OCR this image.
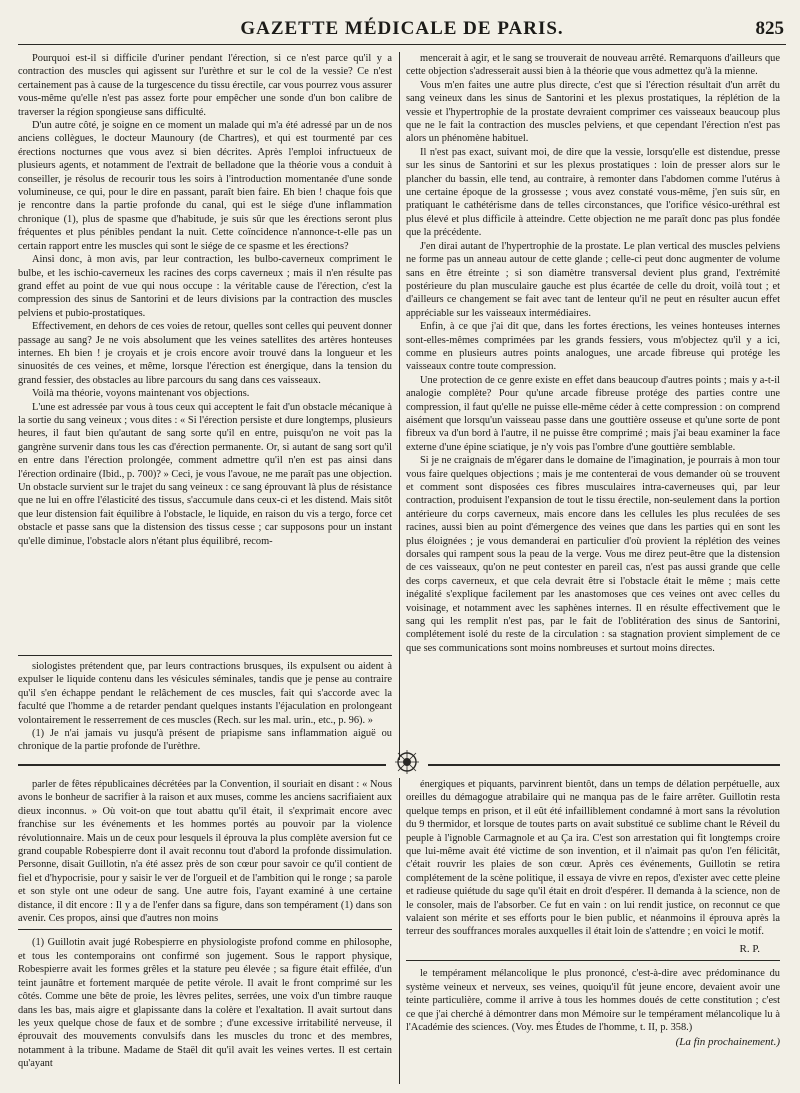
GAZETTE MÉDICALE DE PARIS.	825

Pourquoi est-il si difficile d'uriner pendant l'érection, si ce n'est parce qu'il y a contraction des muscles qui agissent sur l'urèthre et sur le col de la vessie? Ce n'est certainement pas à cause de la turgescence du tissu érectile, car vous pourrez vous assurer vous-même qu'elle n'est pas assez forte pour empêcher une sonde d'un bon calibre de traverser la région spongieuse sans difficulté.

D'un autre côté, je soigne en ce moment un malade qui m'a été adressé par un de nos anciens collègues, le docteur Maunoury (de Chartres), et qui est tourmenté par ces érections nocturnes que vous avez si bien décrites. Après l'emploi infructueux de plusieurs agents, et notamment de l'extrait de belladone que la théorie vous a conduit à conseiller, je résolus de recourir tous les soirs à l'introduction momentanée d'une sonde volumineuse, ce qui, pour le dire en passant, paraît bien faire. Eh bien ! chaque fois que je rencontre dans la partie profonde du canal, qui est le siége d'une inflammation chronique (1), plus de spasme que d'habitude, je suis sûr que les érections seront plus fréquentes et plus pénibles pendant la nuit. Cette coïncidence n'annonce-t-elle pas un certain rapport entre les muscles qui sont le siége de ce spasme et les érections?

Ainsi donc, à mon avis, par leur contraction, les bulbo-caverneux compriment le bulbe, et les ischio-caverneux les racines des corps caverneux ; mais il n'en résulte pas grand effet au point de vue qui nous occupe : la véritable cause de l'érection, c'est la compression des sinus de Santorini et de leurs divisions par la contraction des muscles pelviens et pubio-prostatiques.

Effectivement, en dehors de ces voies de retour, quelles sont celles qui peuvent donner passage au sang? Je ne vois absolument que les veines satellites des artères honteuses internes. Eh bien ! je croyais et je crois encore avoir trouvé dans la longueur et les sinuosités de ces veines, et même, lorsque l'érection est énergique, dans la tension du grand fessier, des obstacles au libre parcours du sang dans ces vaisseaux.

Voilà ma théorie, voyons maintenant vos objections.

L'une est adressée par vous à tous ceux qui acceptent le fait d'un obstacle mécanique à la sortie du sang veineux ; vous dites : « Si l'érection persiste et dure longtemps, plusieurs heures, il faut bien qu'autant de sang sorte qu'il en entre, puisqu'on ne voit pas la gangrène survenir dans tous les cas d'érection permanente. Or, si autant de sang sort qu'il en entre dans l'érection prolongée, comment admettre qu'il n'en est pas ainsi dans l'érection ordinaire (Ibid., p. 700)? » Ceci, je vous l'avoue, ne me paraît pas une objection. Un obstacle survient sur le trajet du sang veineux : ce sang éprouvant là plus de résistance que ne lui en offre l'élasticité des tissus, s'accumule dans ceux-ci et les distend. Mais sitôt que leur distension fait équilibre à l'obstacle, le liquide, en raison du vis a tergo, force cet obstacle et passe sans que la distension des tissus cesse ; car supposons pour un instant qu'elle diminue, l'obstacle alors n'étant plus équilibré, recom-

siologistes prétendent que, par leurs contractions brusques, ils expulsent ou aident à expulser le liquide contenu dans les vésicules séminales, tandis que je pense au contraire qu'il s'en échappe pendant le relâchement de ces muscles, fait qui s'accorde avec la faculté que l'homme a de retarder pendant quelques instants l'éjaculation en prolongeant volontairement le resserrement de ces muscles (Rech. sur les mal. urin., etc., p. 96). »

(1) Je n'ai jamais vu jusqu'à présent de priapisme sans inflammation aiguë ou chronique de la partie profonde de l'urèthre.

mencerait à agir, et le sang se trouverait de nouveau arrêté. Remarquons d'ailleurs que cette objection s'adresserait aussi bien à la théorie que vous admettez qu'à la mienne.

Vous m'en faites une autre plus directe, c'est que si l'érection résultait d'un arrêt du sang veineux dans les sinus de Santorini et les plexus prostatiques, la réplétion de la vessie et l'hypertrophie de la prostate devraient comprimer ces vaisseaux beaucoup plus que ne le fait la contraction des muscles pelviens, et que cependant l'érection n'est pas alors un phénomène habituel.

Il n'est pas exact, suivant moi, de dire que la vessie, lorsqu'elle est distendue, presse sur les sinus de Santorini et sur les plexus prostatiques : loin de presser alors sur le plancher du bassin, elle tend, au contraire, à remonter dans l'abdomen comme l'utérus à une certaine époque de la grossesse ; vous avez constaté vous-même, j'en suis sûr, en pratiquant le cathétérisme dans de telles circonstances, que l'orifice vésico-uréthral est plus élevé et plus difficile à atteindre. Cette objection ne me paraît donc pas plus fondée que la précédente.

J'en dirai autant de l'hypertrophie de la prostate. Le plan vertical des muscles pelviens ne forme pas un anneau autour de cette glande ; celle-ci peut donc augmenter de volume sans en être étreinte ; si son diamètre transversal devient plus grand, l'extrémité postérieure du plan musculaire gauche est plus écartée de celle du droit, voilà tout ; et d'ailleurs ce changement se fait avec tant de lenteur qu'il ne peut en résulter aucun effet appréciable sur les vaisseaux intermédiaires.

Enfin, à ce que j'ai dit que, dans les fortes érections, les veines honteuses internes sont-elles-mêmes comprimées par les grands fessiers, vous m'objectez qu'il y a ici, comme en plusieurs autres points analogues, une arcade fibreuse qui protége les vaisseaux contre toute compression.

Une protection de ce genre existe en effet dans beaucoup d'autres points ; mais y a-t-il analogie complète? Pour qu'une arcade fibreuse protége des parties contre une compression, il faut qu'elle ne puisse elle-même céder à cette compression : on comprend aisément que lorsqu'un vaisseau passe dans une gouttière osseuse et qu'une sorte de pont fibreux va d'un bord à l'autre, il ne puisse être comprimé ; mais j'ai beau examiner la face externe d'une épine sciatique, je n'y vois pas l'ombre d'une gouttière semblable.

Si je ne craignais de m'égarer dans le domaine de l'imagination, je pourrais à mon tour vous faire quelques objections ; mais je me contenterai de vous demander où se trouvent et comment sont disposées ces fibres musculaires intra-caverneuses qui, par leur contraction, produisent l'expansion de tout le tissu érectile, non-seulement dans la portion antérieure du corps caverneux, mais encore dans les cellules les plus reculées de ses racines, aussi bien au point d'émergence des veines que dans les parties qui en sont les plus éloignées ; je vous demanderai en particulier d'où provient la réplétion des veines dorsales qui rampent sous la peau de la verge. Vous me direz peut-être que la distension de ces vaisseaux, qu'on ne peut contester en pareil cas, n'est pas aussi grande que celle des corps caverneux, et que cela devrait être si l'obstacle était le même ; mais cette inégalité s'explique facilement par les anastomoses que ces veines ont avec celles du voisinage, et notamment avec les saphènes internes. Il en résulte effectivement que le sang qui les remplit n'est pas, par le fait de l'oblitération des sinus de Santorini, complétement isolé du reste de la circulation : sa stagnation provient simplement de ce que ses communications sont moins nombreuses et surtout moins directes.

parler de fêtes républicaines décrétées par la Convention, il souriait en disant : « Nous avons le bonheur de sacrifier à la raison et aux muses, comme les anciens sacrifiaient aux dieux inconnus. » Où voit-on que tout abattu qu'il était, il s'exprimait encore avec franchise sur les événements et les hommes portés au pouvoir par la violence révolutionnaire. Mais un de ceux pour lesquels il éprouva la plus complète aversion fut ce grand coupable Robespierre dont il avait reconnu tout d'abord la profonde dissimulation. Personne, disait Guillotin, n'a été assez près de son cœur pour savoir ce qu'il contient de fiel et d'hypocrisie, pour y saisir le ver de l'orgueil et de l'ambition qui le ronge ; sa parole et son style ont une odeur de sang. Une autre fois, l'ayant examiné à une certaine distance, il dit encore : Il y a de l'enfer dans sa figure, dans son tempérament (1) dans son avenir. Ces propos, ainsi que d'autres non moins

(1) Guillotin avait jugé Robespierre en physiologiste profond comme en philosophe, et tous les contemporains ont confirmé son jugement. Sous le rapport physique, Robespierre avait les formes grêles et la stature peu élevée ; sa figure était effilée, d'un teint jaunâtre et fortement marquée de petite vérole. Il avait le front comprimé sur les côtés. Comme une bête de proie, les lèvres pelites, serrées, une voix d'un timbre rauque dans les bas, mais aigre et glapissante dans la colère et l'exaltation. Il avait surtout dans les yeux quelque chose de faux et de sombre ; d'une excessive irritabilité nerveuse, il éprouvait des mouvements convulsifs dans les muscles du tronc et des membres, notamment à la tribune. Madame de Staël dit qu'il avait les veines vertes. Il est certain qu'ayant

énergiques et piquants, parvinrent bientôt, dans un temps de délation perpétuelle, aux oreilles du démagogue atrabilaire qui ne manqua pas de le faire arrêter. Guillotin resta quelque temps en prison, et il eût été infailliblement condamné à mort sans la révolution du 9 thermidor, et lorsque de toutes parts on avait substitué ce sublime chant le Réveil du peuple à l'ignoble Carmagnole et au Ça ira. C'est son arrestation qui fit longtemps croire que lui-même avait été victime de son invention, et il n'aimait pas qu'on l'en félicitât, c'était rouvrir les plaies de son cœur. Après ces événements, Guillotin se retira complétement de la scène politique, il essaya de vivre en repos, d'exister avec cette pleine et radieuse quiétude du sage qu'il était en droit d'espérer. Il demanda à la science, non de le consoler, mais de l'absorber. Ce fut en vain : on lui rendit justice, on reconnut ce que valaient son mérite et ses efforts pour le bien public, et néanmoins il éprouva après la terreur des souffrances morales auxquelles il était loin de s'attendre ; en voici le motif.

R. P.

le tempérament mélancolique le plus prononcé, c'est-à-dire avec prédominance du système veineux et nerveux, ses veines, quoiqu'il fût jeune encore, devaient avoir une teinte particulière, comme il arrive à tous les hommes doués de cette constitution ; c'est ce que j'ai cherché à démontrer dans mon Mémoire sur le tempérament mélancolique lu à l'Académie des sciences. (Voy. mes Études de l'homme, t. II, p. 358.)

(La fin prochainement.)
